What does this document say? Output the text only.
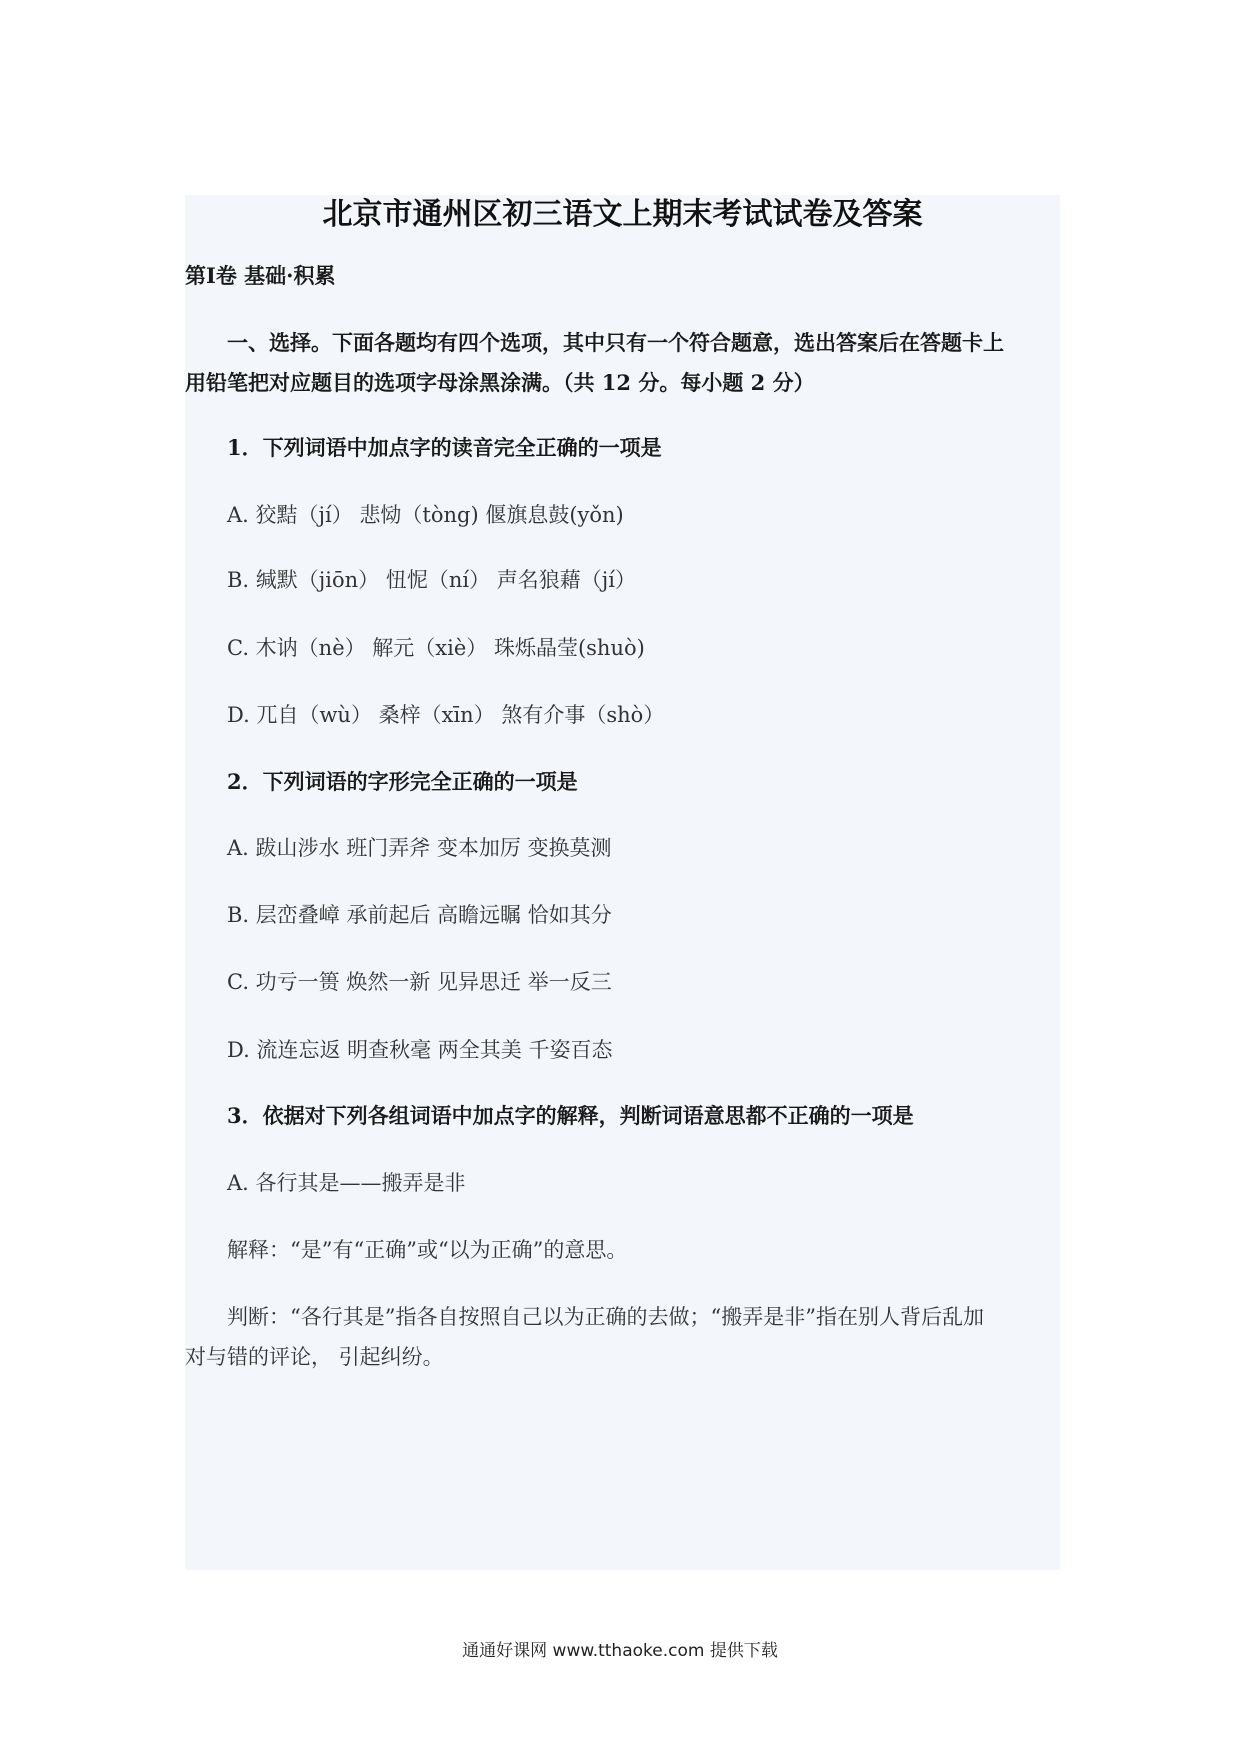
北京市通州区初三语文上期末考试试卷及答案
第Ⅰ卷 基础·积累
一、选择。下面各题均有四个选项，其中只有一个符合题意，选出答案后在答题卡上
用铅笔把对应题目的选项字母涂黑涂满。（共 12 分。每小题 2 分）
1．下列词语中加点字的读音完全正确的一项是
A. 狡黠（jí） 悲恸（tòng) 偃旗息鼓(yǒn)
B. 缄默（jiōn） 忸怩（ní） 声名狼藉（jí）
C. 木讷（nè） 解元（xiè） 珠烁晶莹(shuò)
D. 兀自（wù） 桑梓（xīn） 煞有介事（shò）
2．下列词语的字形完全正确的一项是
A. 跋山涉水 班门弄斧 变本加厉 变换莫测
B. 层峦叠嶂 承前起后 高瞻远瞩 恰如其分
C. 功亏一篑 焕然一新 见异思迁 举一反三
D. 流连忘返 明查秋毫 两全其美 千姿百态
3．依据对下列各组词语中加点字的解释，判断词语意思都不正确的一项是
A. 各行其是——搬弄是非
解释：“是”有“正确”或“以为正确”的意思。
判断：“各行其是”指各自按照自己以为正确的去做；“搬弄是非”指在别人背后乱加
对与错的评论， 引起纠纷。
通通好课网 www.tthaoke.com 提供下载
